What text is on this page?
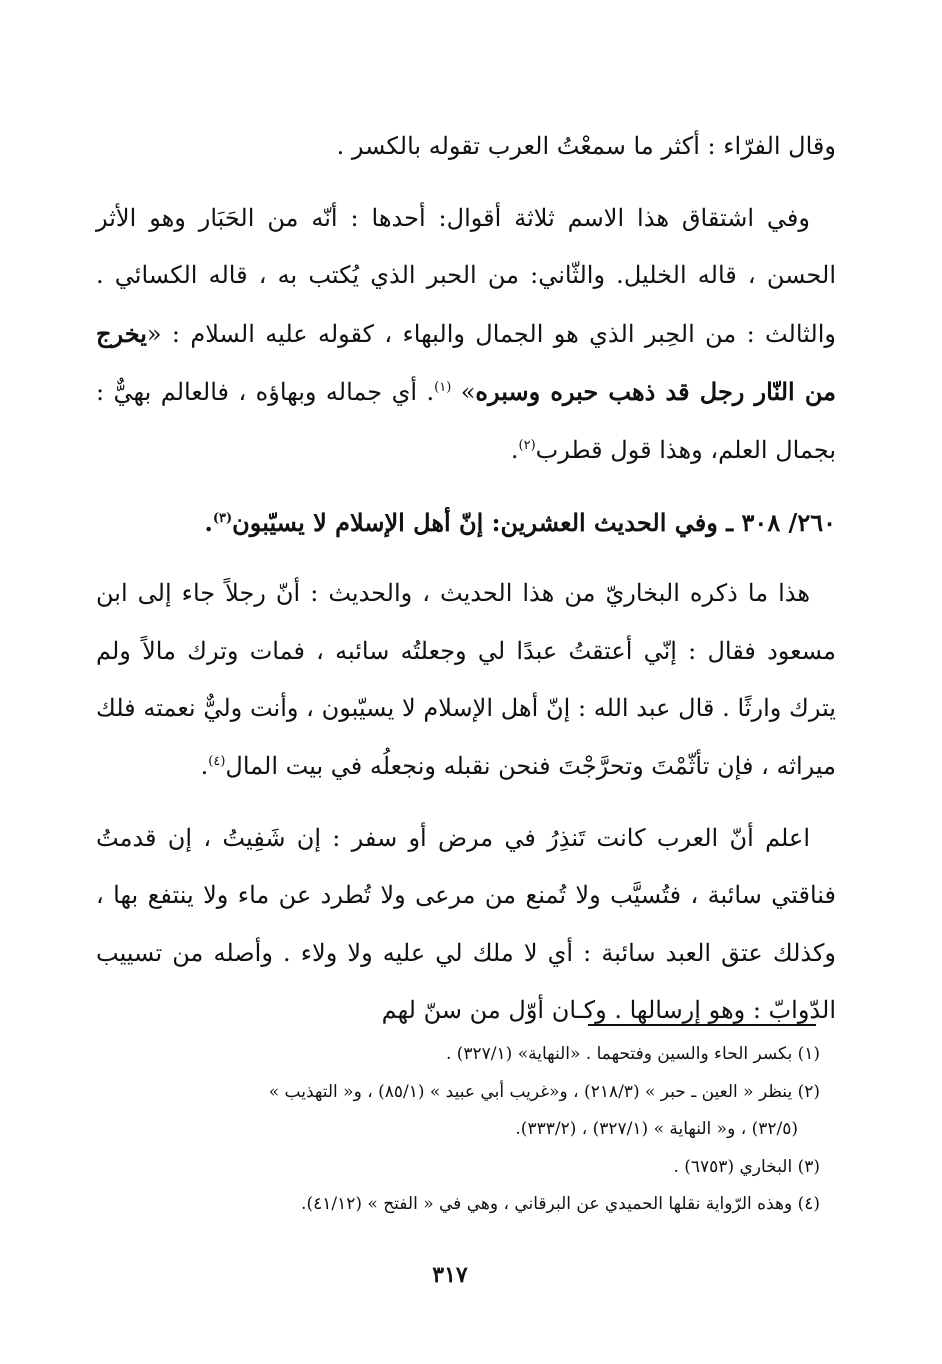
وقال الفرّاء : أكثر ما سمعْتُ العرب تقوله بالكسر .

وفي اشتقاق هذا الاسم ثلاثة أقوال: أحدها : أنّه من الحَبَار وهو الأثر الحسن ، قاله الخليل. والثّاني: من الحبر الذي يُكتب به ، قاله الكسائي . والثالث : من الحِبر الذي هو الجمال والبهاء ، كقوله عليه السلام : «يخرج من النّار رجل قد ذهب حبره وسبره» $^{(١)}$. أي جماله وبهاؤه ، فالعالم بهيٌّ : بجمال العلم، وهذا قول قطرب$^{(٢)}$.

٢٦٠/ ٣٠٨ ـ وفي الحديث العشرين: إنّ أهل الإسلام لا يسيّبون$^{(٣)}$.

هذا ما ذكره البخاريّ من هذا الحديث ، والحديث : أنّ رجلاً جاء إلى ابن مسعود فقال : إنّي أعتقتُ عبدًا لي وجعلتُه سائبه ، فمات وترك مالاً ولم يترك وارثًا . قال عبد الله : إنّ أهل الإسلام لا يسيّبون ، وأنت وليٌّ نعمته فلك ميراثه ، فإن تأثّمْتَ وتحرَّجْتَ فنحن نقبله ونجعلُه في بيت المال$^{(٤)}$.

اعلم أنّ العرب كانت تَنذِرُ في مرض أو سفر : إن شَفِيتُ ، إن قدمتُ فناقتي سائبة ، فتُسيَّب ولا تُمنع من مرعى ولا تُطرد عن ماء ولا ينتفع بها ، وكذلك عتق العبد سائبة : أي لا ملك لي عليه ولا ولاء . وأصله من تسييب الدّوابّ : وهو إرسالها . وكـان أوّل من سنّ لهم

(١) بكسر الحاء والسين وفتحهما . «النهاية» (٣٢٧/١) .

(٢) ينظر « العين ـ حبر » (٢١٨/٣) ، و«غريب أبي عبيد » (٨٥/١) ، و« التهذيب »

(٣٢/٥) ، و« النهاية » (٣٢٧/١) ، (٣٣٣/٢).

(٣) البخاري (٦٧٥٣) .

(٤) وهذه الرّواية نقلها الحميدي عن البرقاني ، وهي في « الفتح » (٤١/١٢).

٣١٧
